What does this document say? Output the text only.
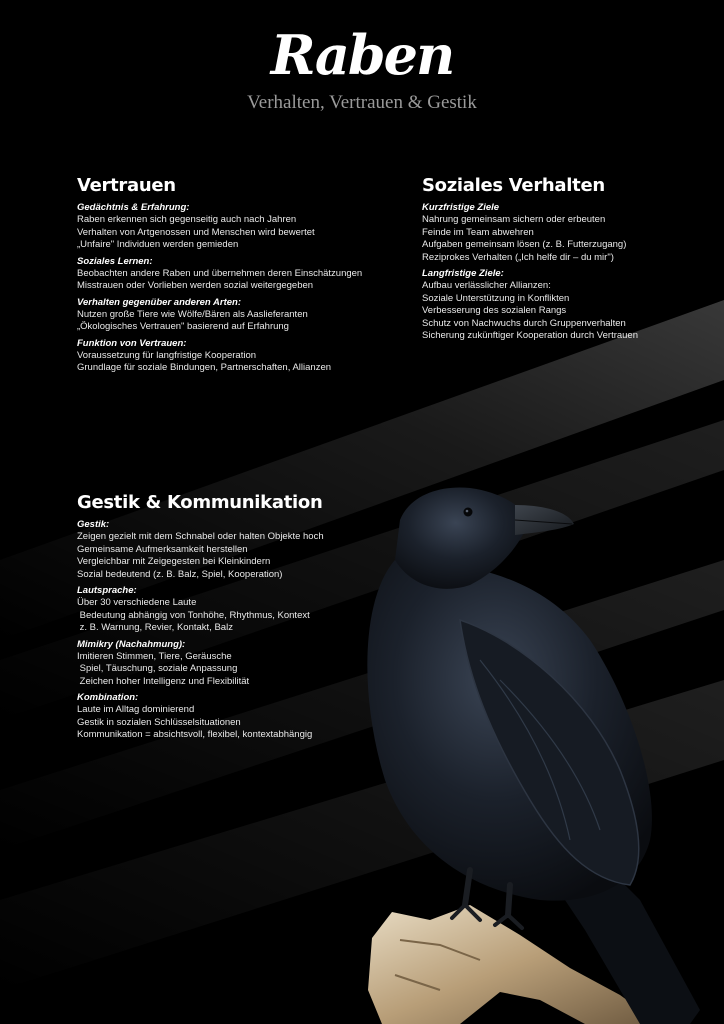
Raben
Verhalten, Vertrauen & Gestik
Vertrauen
Gedächtnis & Erfahrung:
Raben erkennen sich gegenseitig auch nach Jahren
Verhalten von Artgenossen und Menschen wird bewertet
„Unfaire" Individuen werden gemieden
Soziales Lernen:
Beobachten andere Raben und übernehmen deren Einschätzungen
Misstrauen oder Vorlieben werden sozial weitergegeben
Verhalten gegenüber anderen Arten:
Nutzen große Tiere wie Wölfe/Bären als Aaslieferanten
„Ökologisches Vertrauen" basierend auf Erfahrung
Funktion von Vertrauen:
Voraussetzung für langfristige Kooperation
Grundlage für soziale Bindungen, Partnerschaften, Allianzen
Soziales Verhalten
Kurzfristige Ziele
Nahrung gemeinsam sichern oder erbeuten
Feinde im Team abwehren
Aufgaben gemeinsam lösen (z. B. Futterzugang)
Reziprokes Verhalten („Ich helfe dir – du mir")
Langfristige Ziele:
Aufbau verlässlicher Allianzen:
Soziale Unterstützung in Konflikten
Verbesserung des sozialen Rangs
Schutz von Nachwuchs durch Gruppenverhalten
Sicherung zukünftiger Kooperation durch Vertrauen
Gestik & Kommunikation
Gestik:
Zeigen gezielt mit dem Schnabel oder halten Objekte hoch
Gemeinsame Aufmerksamkeit herstellen
Vergleichbar mit Zeigegesten bei Kleinkindern
Sozial bedeutend (z. B. Balz, Spiel, Kooperation)
Lautsprache:
Über 30 verschiedene Laute
Bedeutung abhängig von Tonhöhe, Rhythmus, Kontext
z. B. Warnung, Revier, Kontakt, Balz
Mimikry (Nachahmung):
Imitieren Stimmen, Tiere, Geräusche
Spiel, Täuschung, soziale Anpassung
Zeichen hoher Intelligenz und Flexibilität
Kombination:
Laute im Alltag dominierend
Gestik in sozialen Schlüsselsituationen
Kommunikation = absichtsvoll, flexibel, kontextabhängig
